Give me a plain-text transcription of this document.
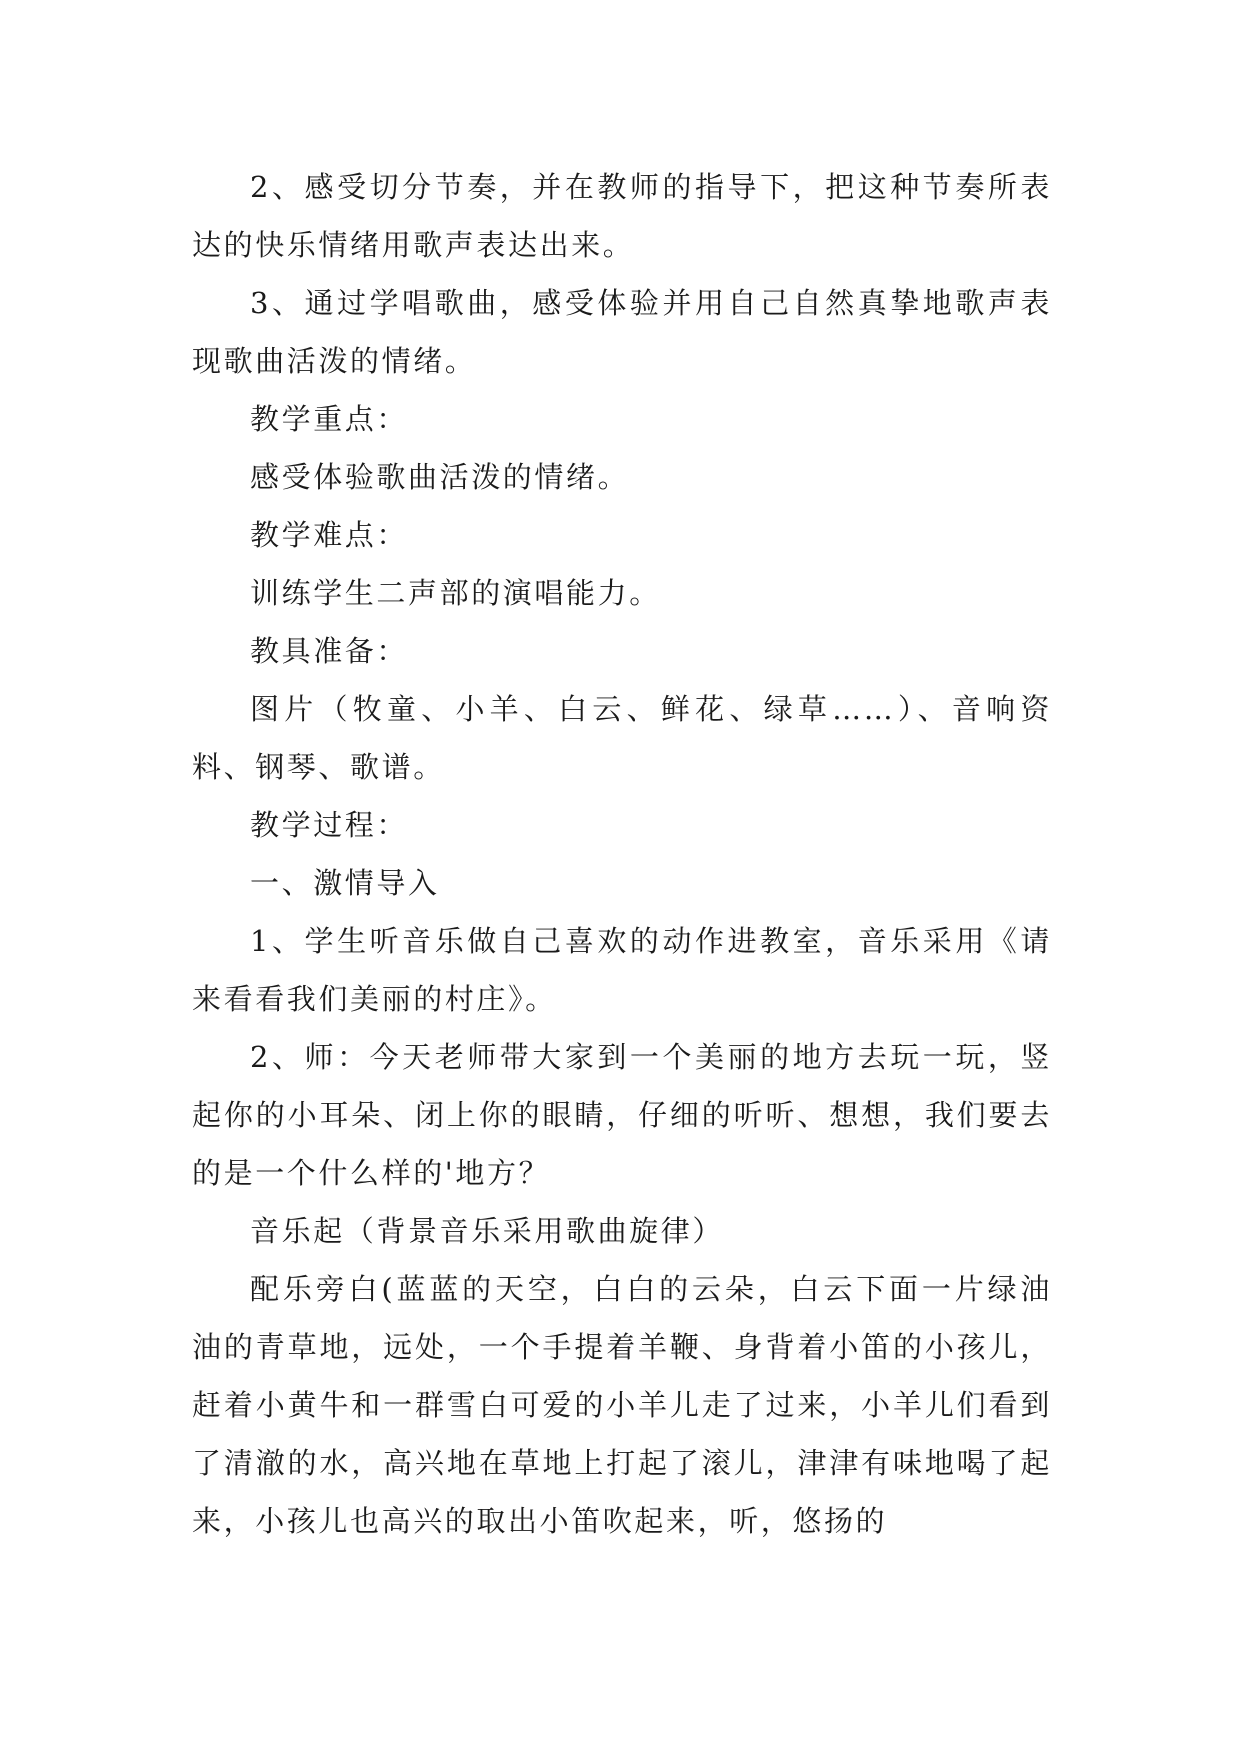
2、感受切分节奏，并在教师的指导下，把这种节奏所表达的快乐情绪用歌声表达出来。

3、通过学唱歌曲，感受体验并用自己自然真挚地歌声表现歌曲活泼的情绪。

教学重点：

感受体验歌曲活泼的情绪。

教学难点：

训练学生二声部的演唱能力。

教具准备：

图片（牧童、小羊、白云、鲜花、绿草……）、音响资料、钢琴、歌谱。

教学过程：

一、激情导入

1、学生听音乐做自己喜欢的动作进教室，音乐采用《请来看看我们美丽的村庄》。

2、师：今天老师带大家到一个美丽的地方去玩一玩，竖起你的小耳朵、闭上你的眼睛，仔细的听听、想想，我们要去的是一个什么样的'地方？

音乐起（背景音乐采用歌曲旋律）

配乐旁白(蓝蓝的天空，白白的云朵，白云下面一片绿油油的青草地，远处，一个手提着羊鞭、身背着小笛的小孩儿，赶着小黄牛和一群雪白可爱的小羊儿走了过来，小羊儿们看到了清澈的水，高兴地在草地上打起了滚儿，津津有味地喝了起来，小孩儿也高兴的取出小笛吹起来，听，悠扬的
